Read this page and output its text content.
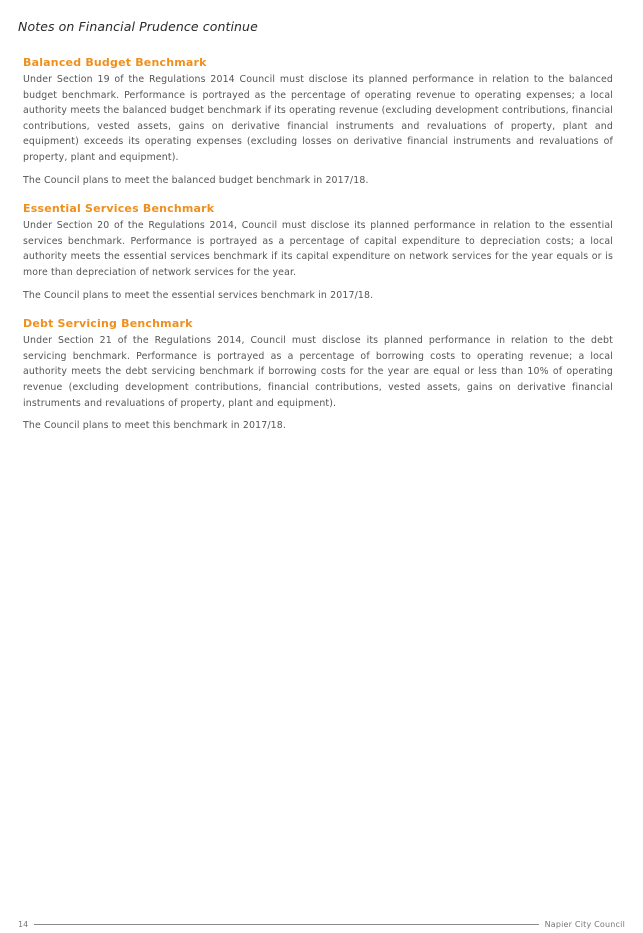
Notes on Financial Prudence continue
Balanced Budget Benchmark

Under Section 19 of the Regulations 2014 Council must disclose its planned performance in relation to the balanced budget benchmark. Performance is portrayed as the percentage of operating revenue to operating expenses; a local authority meets the balanced budget benchmark if its operating revenue (excluding development contributions, financial contributions, vested assets, gains on derivative financial instruments and revaluations of property, plant and equipment) exceeds its operating expenses (excluding losses on derivative financial instruments and revaluations of property, plant and equipment).

The Council plans to meet the balanced budget benchmark in 2017/18.

Essential Services Benchmark

Under Section 20 of the Regulations 2014, Council must disclose its planned performance in relation to the essential services benchmark. Performance is portrayed as a percentage of capital expenditure to depreciation costs; a local authority meets the essential services benchmark if its capital expenditure on network services for the year equals or is more than depreciation of network services for the year.

The Council plans to meet the essential services benchmark in 2017/18.

Debt Servicing Benchmark

Under Section 21 of the Regulations 2014, Council must disclose its planned performance in relation to the debt servicing benchmark. Performance is portrayed as a percentage of borrowing costs to operating revenue; a local authority meets the debt servicing benchmark if borrowing costs for the year are equal or less than 10% of operating revenue (excluding development contributions, financial contributions, vested assets, gains on derivative financial instruments and revaluations of property, plant and equipment).

The Council plans to meet this benchmark in 2017/18.

14	Napier City Council
